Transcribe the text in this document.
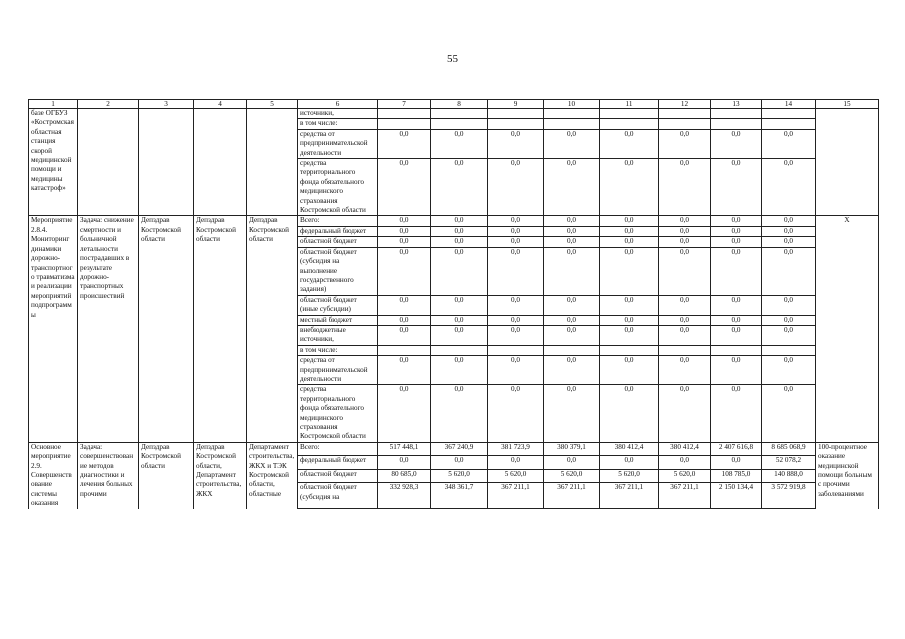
55
1	2	3	4	5	6	7	8	9	10	11	12	13	14	15
базе ОГБУЗ «Костромская областная станция скорой медицинской помощи и медицины катастроф»					источники,									
					в том числе:									
					средства от предпринимательской деятельности	0,0	0,0	0,0	0,0	0,0	0,0	0,0	0,0	
					средства территориального фонда обязательного медицинского страхования Костромской области	0,0	0,0	0,0	0,0	0,0	0,0	0,0	0,0	
Мероприятие 2.8.4. Мониторинг динамики дорожно-транспортного травматизма и реализации мероприятий подпрограммы	Задача: снижение смертности и больничной летальности пострадавших в результате дорожно-транспортных происшествий	Депздрав Костромской области	Депздрав Костромской области	Депздрав Костромской области	Всего:	0,0	0,0	0,0	0,0	0,0	0,0	0,0	0,0	X
					федеральный бюджет	0,0	0,0	0,0	0,0	0,0	0,0	0,0	0,0	
					областной бюджет	0,0	0,0	0,0	0,0	0,0	0,0	0,0	0,0	
					областной бюджет (субсидия на выполнение государственного задания)	0,0	0,0	0,0	0,0	0,0	0,0	0,0	0,0	
					областной бюджет (иные субсидии)	0,0	0,0	0,0	0,0	0,0	0,0	0,0	0,0	
					местный бюджет	0,0	0,0	0,0	0,0	0,0	0,0	0,0	0,0	
					внебюджетные источники,	0,0	0,0	0,0	0,0	0,0	0,0	0,0	0,0	
					в том числе:									
					средства от предпринимательской деятельности	0,0	0,0	0,0	0,0	0,0	0,0	0,0	0,0	
					средства территориального фонда обязательного медицинского страхования Костромской области	0,0	0,0	0,0	0,0	0,0	0,0	0,0	0,0	
Основное мероприятие 2.9. Совершенствование системы оказания	Задача: совершенствование методов диагностики и лечения больных прочими	Депздрав Костромской области	Депздрав Костромской области, Департамент строительства, ЖКХ	Департамент строительства, ЖКХ и ТЭК Костромской области, областные	Всего:	517 448,1	367 240,9	381 723,9	380 379,1	380 412,4	380 412,4	2 407 616,8	8 685 068,9	100-процентное оказание медицинской помощи больным с прочими заболеваниями
					федеральный бюджет	0,0	0,0	0,0	0,0	0,0	0,0	0,0	52 078,2	
					областной бюджет	80 685,0	5 620,0	5 620,0	5 620,0	5 620,0	5 620,0	108 785,0	140 888,0	
					областной бюджет (субсидия на	332 928,3	348 361,7	367 211,1	367 211,1	367 211,1	367 211,1	2 150 134,4	3 572 919,8	
